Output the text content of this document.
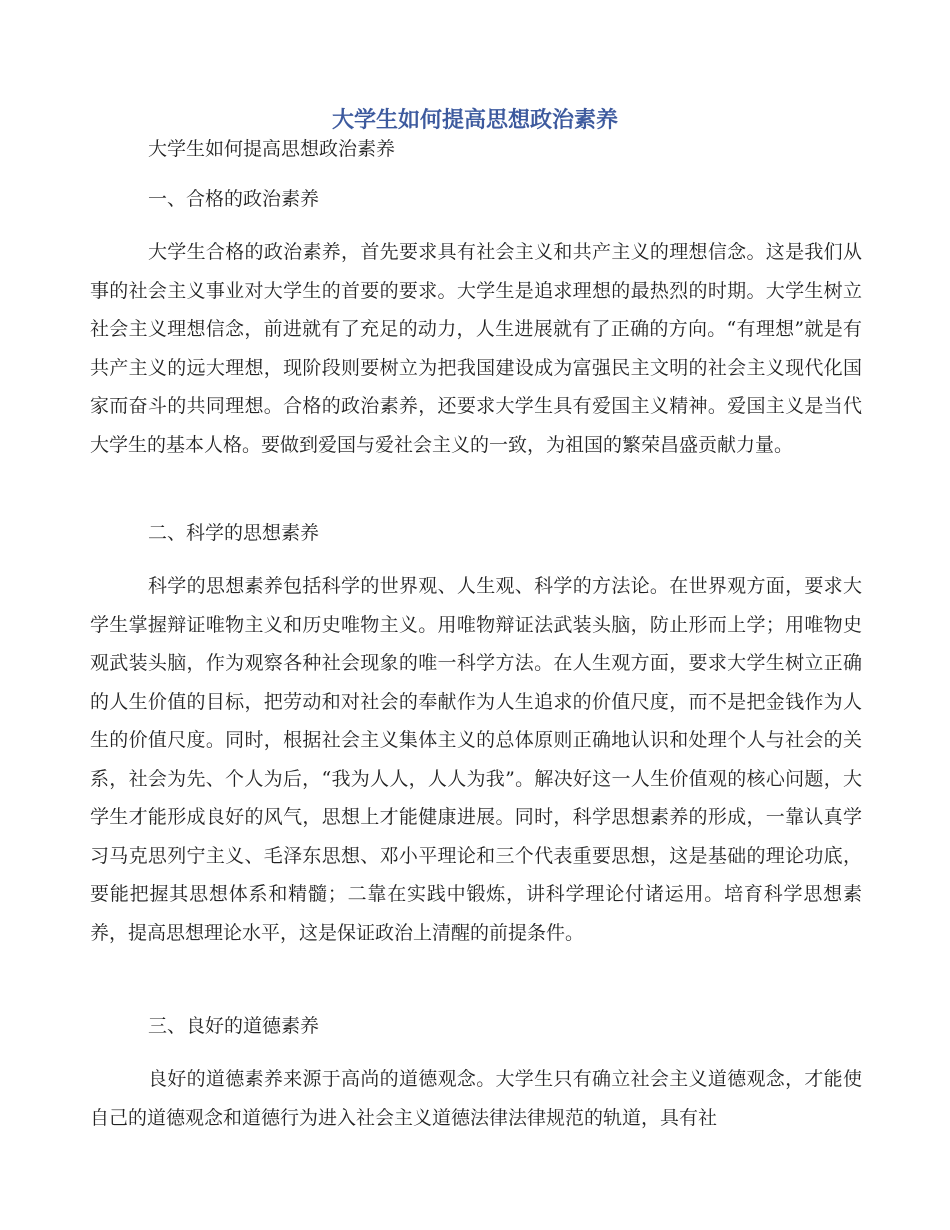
大学生如何提高思想政治素养

大学生如何提高思想政治素养

一、合格的政治素养

大学生合格的政治素养，首先要求具有社会主义和共产主义的理想信念。这是我们从事的社会主义事业对大学生的首要的要求。大学生是追求理想的最热烈的时期。大学生树立社会主义理想信念，前进就有了充足的动力，人生进展就有了正确的方向。“有理想”就是有共产主义的远大理想，现阶段则要树立为把我国建设成为富强民主文明的社会主义现代化国家而奋斗的共同理想。合格的政治素养，还要求大学生具有爱国主义精神。爱国主义是当代大学生的基本人格。要做到爱国与爱社会主义的一致，为祖国的繁荣昌盛贡献力量。

二、科学的思想素养

科学的思想素养包括科学的世界观、人生观、科学的方法论。在世界观方面，要求大学生掌握辩证唯物主义和历史唯物主义。用唯物辩证法武装头脑，防止形而上学；用唯物史观武装头脑，作为观察各种社会现象的唯一科学方法。在人生观方面，要求大学生树立正确的人生价值的目标，把劳动和对社会的奉献作为人生追求的价值尺度，而不是把金钱作为人生的价值尺度。同时，根据社会主义集体主义的总体原则正确地认识和处理个人与社会的关系，社会为先、个人为后，“我为人人，人人为我”。解决好这一人生价值观的核心问题，大学生才能形成良好的风气，思想上才能健康进展。同时，科学思想素养的形成，一靠认真学习马克思列宁主义、毛泽东思想、邓小平理论和三个代表重要思想，这是基础的理论功底，要能把握其思想体系和精髓；二靠在实践中锻炼，讲科学理论付诸运用。培育科学思想素养，提高思想理论水平，这是保证政治上清醒的前提条件。

三、良好的道德素养

良好的道德素养来源于高尚的道德观念。大学生只有确立社会主义道德观念，才能使自己的道德观念和道德行为进入社会主义道德法律法律规范的轨道，具有社
